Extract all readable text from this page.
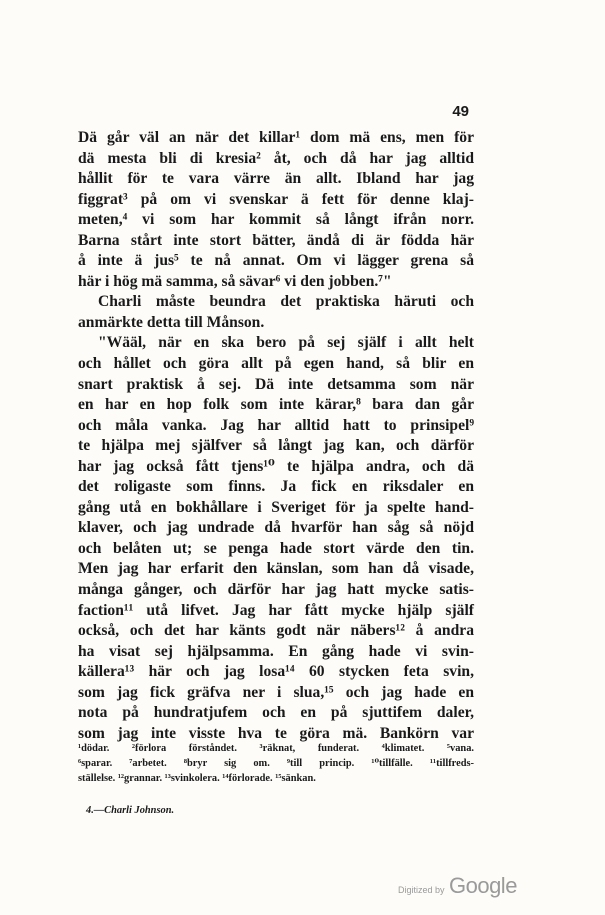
49
Dä går väl an när det killar¹ dom mä ens, men för
dä mesta bli di kresia² åt, och då har jag alltid
hållit för te vara värre än allt. Ibland har jag
figgrat³ på om vi svenskar ä fett för denne klaj-
meten,⁴ vi som har kommit så långt ifrån norr.
Barna stårt inte stort bätter, ändå di är födda här
å inte ä jus⁵ te nå annat. Om vi lägger grena så
här i hög mä samma, så sävar⁶ vi den jobben.⁷"
Charli måste beundra det praktiska häruti och
anmärkte detta till Månson.
"Wääl, när en ska bero på sej själf i allt helt
och hållet och göra allt på egen hand, så blir en
snart praktisk å sej. Dä inte detsamma som när
en har en hop folk som inte kärar,⁸ bara dan går
och måla vanka. Jag har alltid hatt to prinsipel⁹
te hjälpa mej själfver så långt jag kan, och därför
har jag också fått tjens¹⁰ te hjälpa andra, och dä
det roligaste som finns. Ja fick en riksdaler en
gång utå en bokhållare i Sveriget för ja spelte hand-
klaver, och jag undrade då hvarför han såg så nöjd
och belåten ut; se penga hade stort värde den tin.
Men jag har erfarit den känslan, som han då visade,
många gånger, och därför har jag hatt mycke satis-
faction¹¹ utå lifvet. Jag har fått mycke hjälp själf
också, och det har känts godt när näbers¹² å andra
ha visat sej hjälpsamma. En gång hade vi svin-
källera¹³ här och jag losa¹⁴ 60 stycken feta svin,
som jag fick gräfva ner i slua,¹⁵ och jag hade en
nota på hundratjufem och en på sjuttifem daler,
som jag inte visste hva te göra mä. Bankörn var
¹dödar. ²förlora förståndet. ³räknat, funderat. ⁴klimatet. ⁵vana.
⁶sparar. ⁷arbetet. ⁸bryr sig om. ⁹till princip. ¹⁰tillfälle. ¹¹tillfreds-
ställelse. ¹²grannar. ¹³svinkolera. ¹⁴förlorade. ¹⁵sänkan.
4.—Charli Johnson.
Digitized by Google
